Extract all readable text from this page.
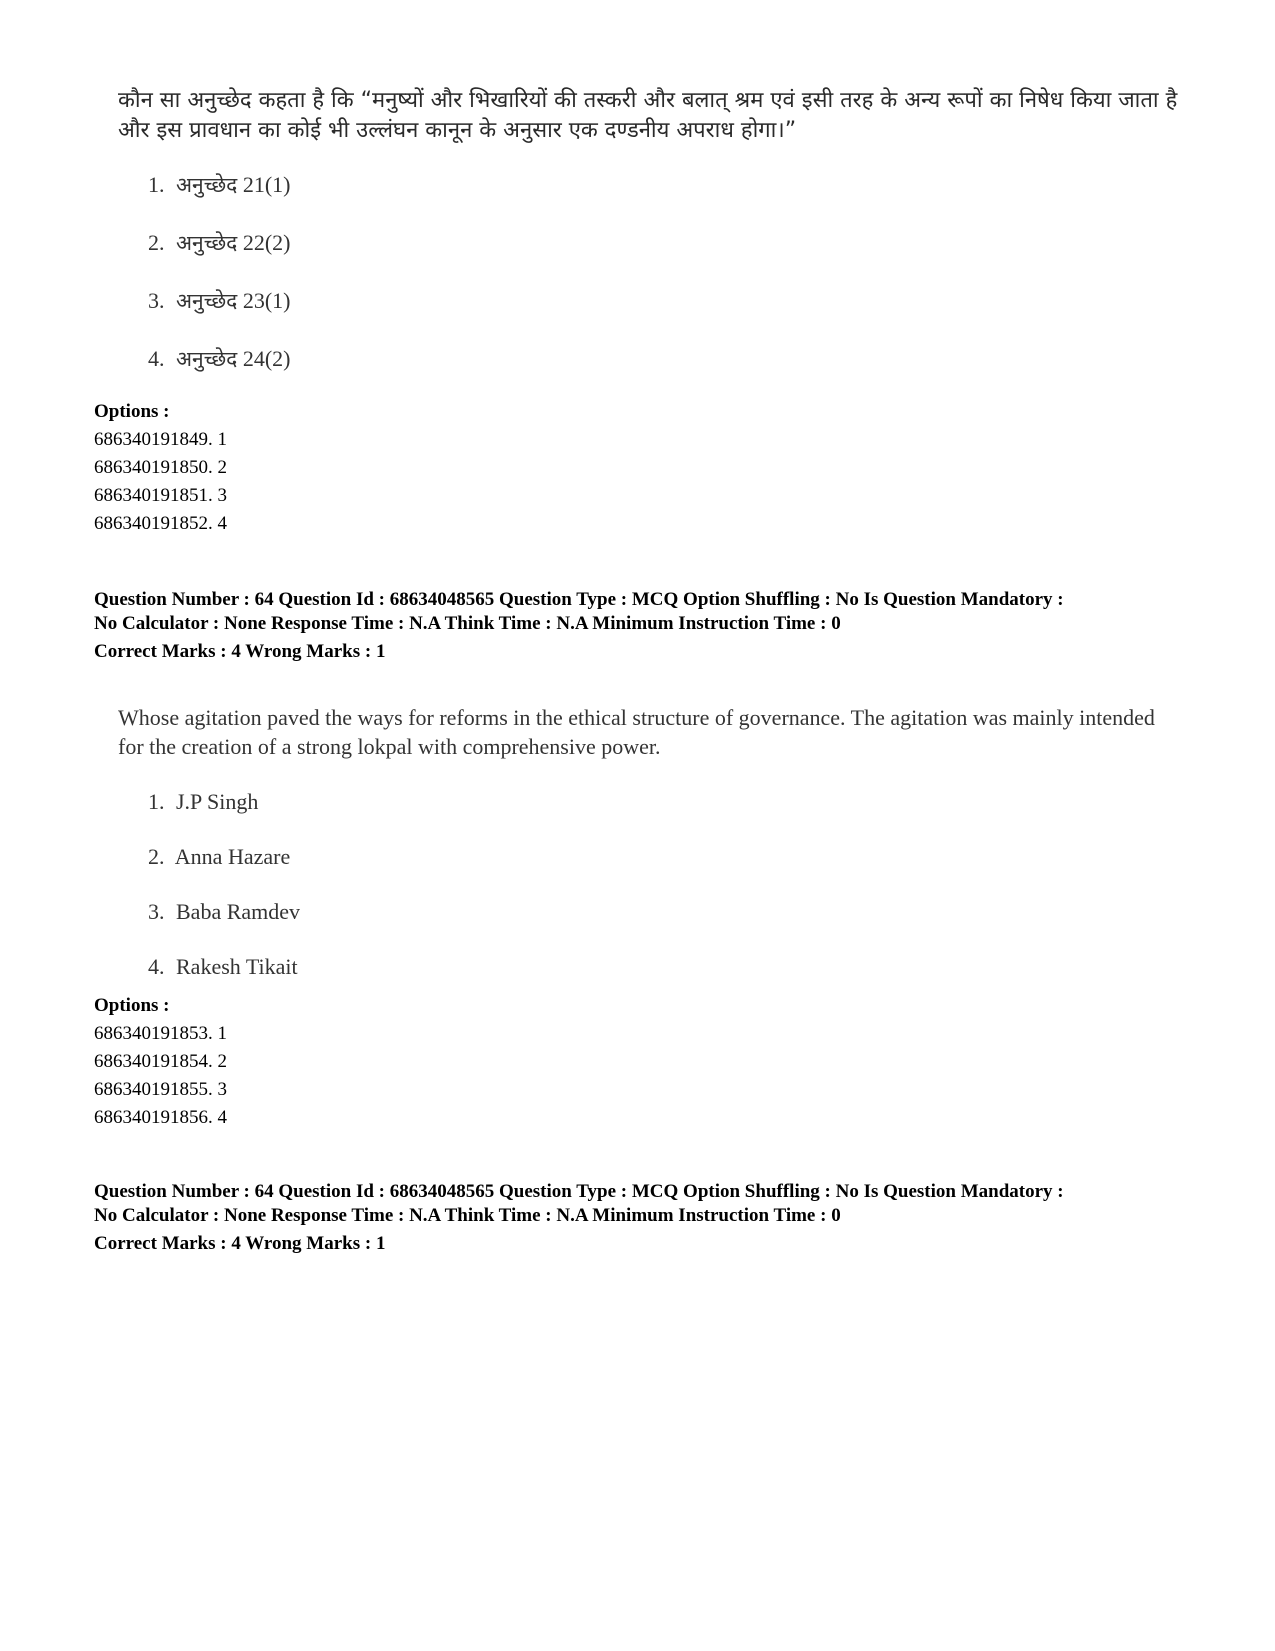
कौन सा अनुच्छेद कहता है कि “मनुष्यों और भिखारियों की तस्करी और बलात् श्रम एवं इसी तरह के अन्य रूपों का निषेध किया जाता है और इस प्रावधान का कोई भी उल्लंघन कानून के अनुसार एक दण्डनीय अपराध होगा।”

1. अनुच्छेद 21(1)
2. अनुच्छेद 22(2)
3. अनुच्छेद 23(1)
4. अनुच्छेद 24(2)
Options :
686340191849. 1
686340191850. 2
686340191851. 3
686340191852. 4
Question Number : 64 Question Id : 68634048565 Question Type : MCQ Option Shuffling : No Is Question Mandatory :
No Calculator : None Response Time : N.A Think Time : N.A Minimum Instruction Time : 0
Correct Marks : 4 Wrong Marks : 1

Whose agitation paved the ways for reforms in the ethical structure of governance. The agitation was mainly intended for the creation of a strong lokpal with comprehensive power.

1. J.P Singh
2. Anna Hazare
3. Baba Ramdev
4. Rakesh Tikait
Options :
686340191853. 1
686340191854. 2
686340191855. 3
686340191856. 4
Question Number : 64 Question Id : 68634048565 Question Type : MCQ Option Shuffling : No Is Question Mandatory :
No Calculator : None Response Time : N.A Think Time : N.A Minimum Instruction Time : 0
Correct Marks : 4 Wrong Marks : 1
